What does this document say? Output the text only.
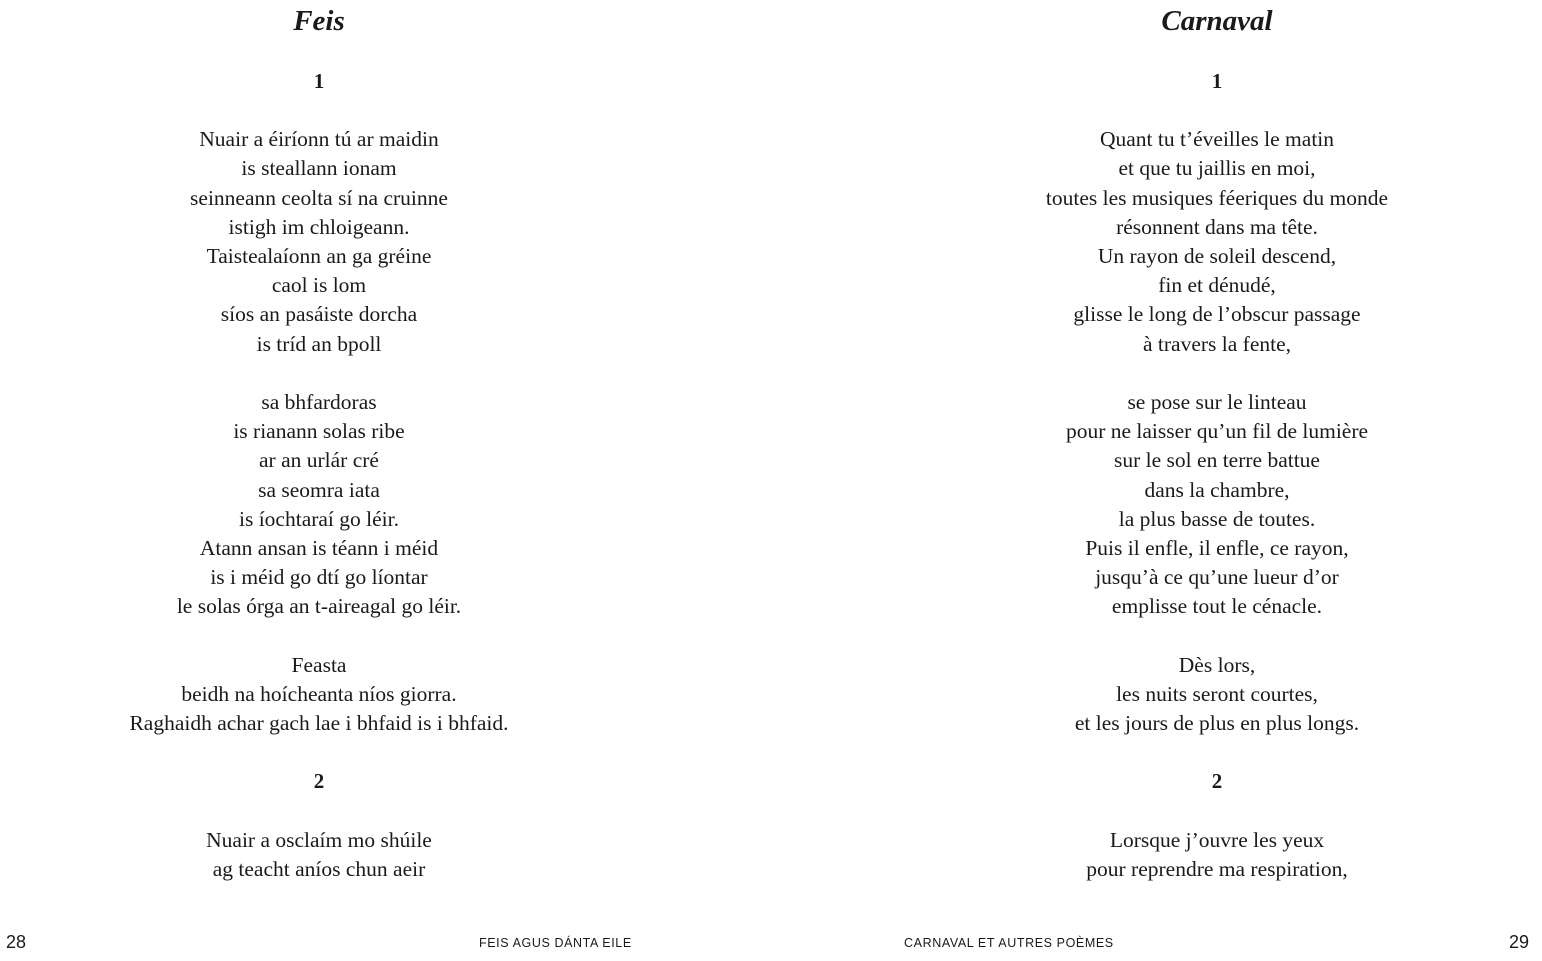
Feis
1
Nuair a éiríonn tú ar maidin
is steallann ionam
seinneann ceolta sí na cruinne
istigh im chloigeann.
Taistealaíonn an ga gréine
caol is lom
síos an pasáiste dorcha
is tríd an bpoll
sa bhfardoras
is rianann solas ribe
ar an urlár cré
sa seomra iata
is íochtaraí go léir.
Atann ansan is téann i méid
is i méid go dtí go líontar
le solas órga an t-aireagal go léir.
Feasta
beidh na hoícheanta níos giorra.
Raghaidh achar gach lae i bhfaid is i bhfaid.
2
Nuair a osclaím mo shúile
ag teacht aníos chun aeir
28	FEIS AGUS DÁNTA EILE
Carnaval
1
Quant tu t’éveilles le matin
et que tu jaillis en moi,
toutes les musiques féeriques du monde
résonnent dans ma tête.
Un rayon de soleil descend,
fin et dénudé,
glisse le long de l’obscur passage
à travers la fente,
se pose sur le linteau
pour ne laisser qu’un fil de lumière
sur le sol en terre battue
dans la chambre,
la plus basse de toutes.
Puis il enfle, il enfle, ce rayon,
jusqu’à ce qu’une lueur d’or
emplisse tout le cénacle.
Dès lors,
les nuits seront courtes,
et les jours de plus en plus longs.
2
Lorsque j’ouvre les yeux
pour reprendre ma respiration,
CARNAVAL ET AUTRES POÈMES	29
